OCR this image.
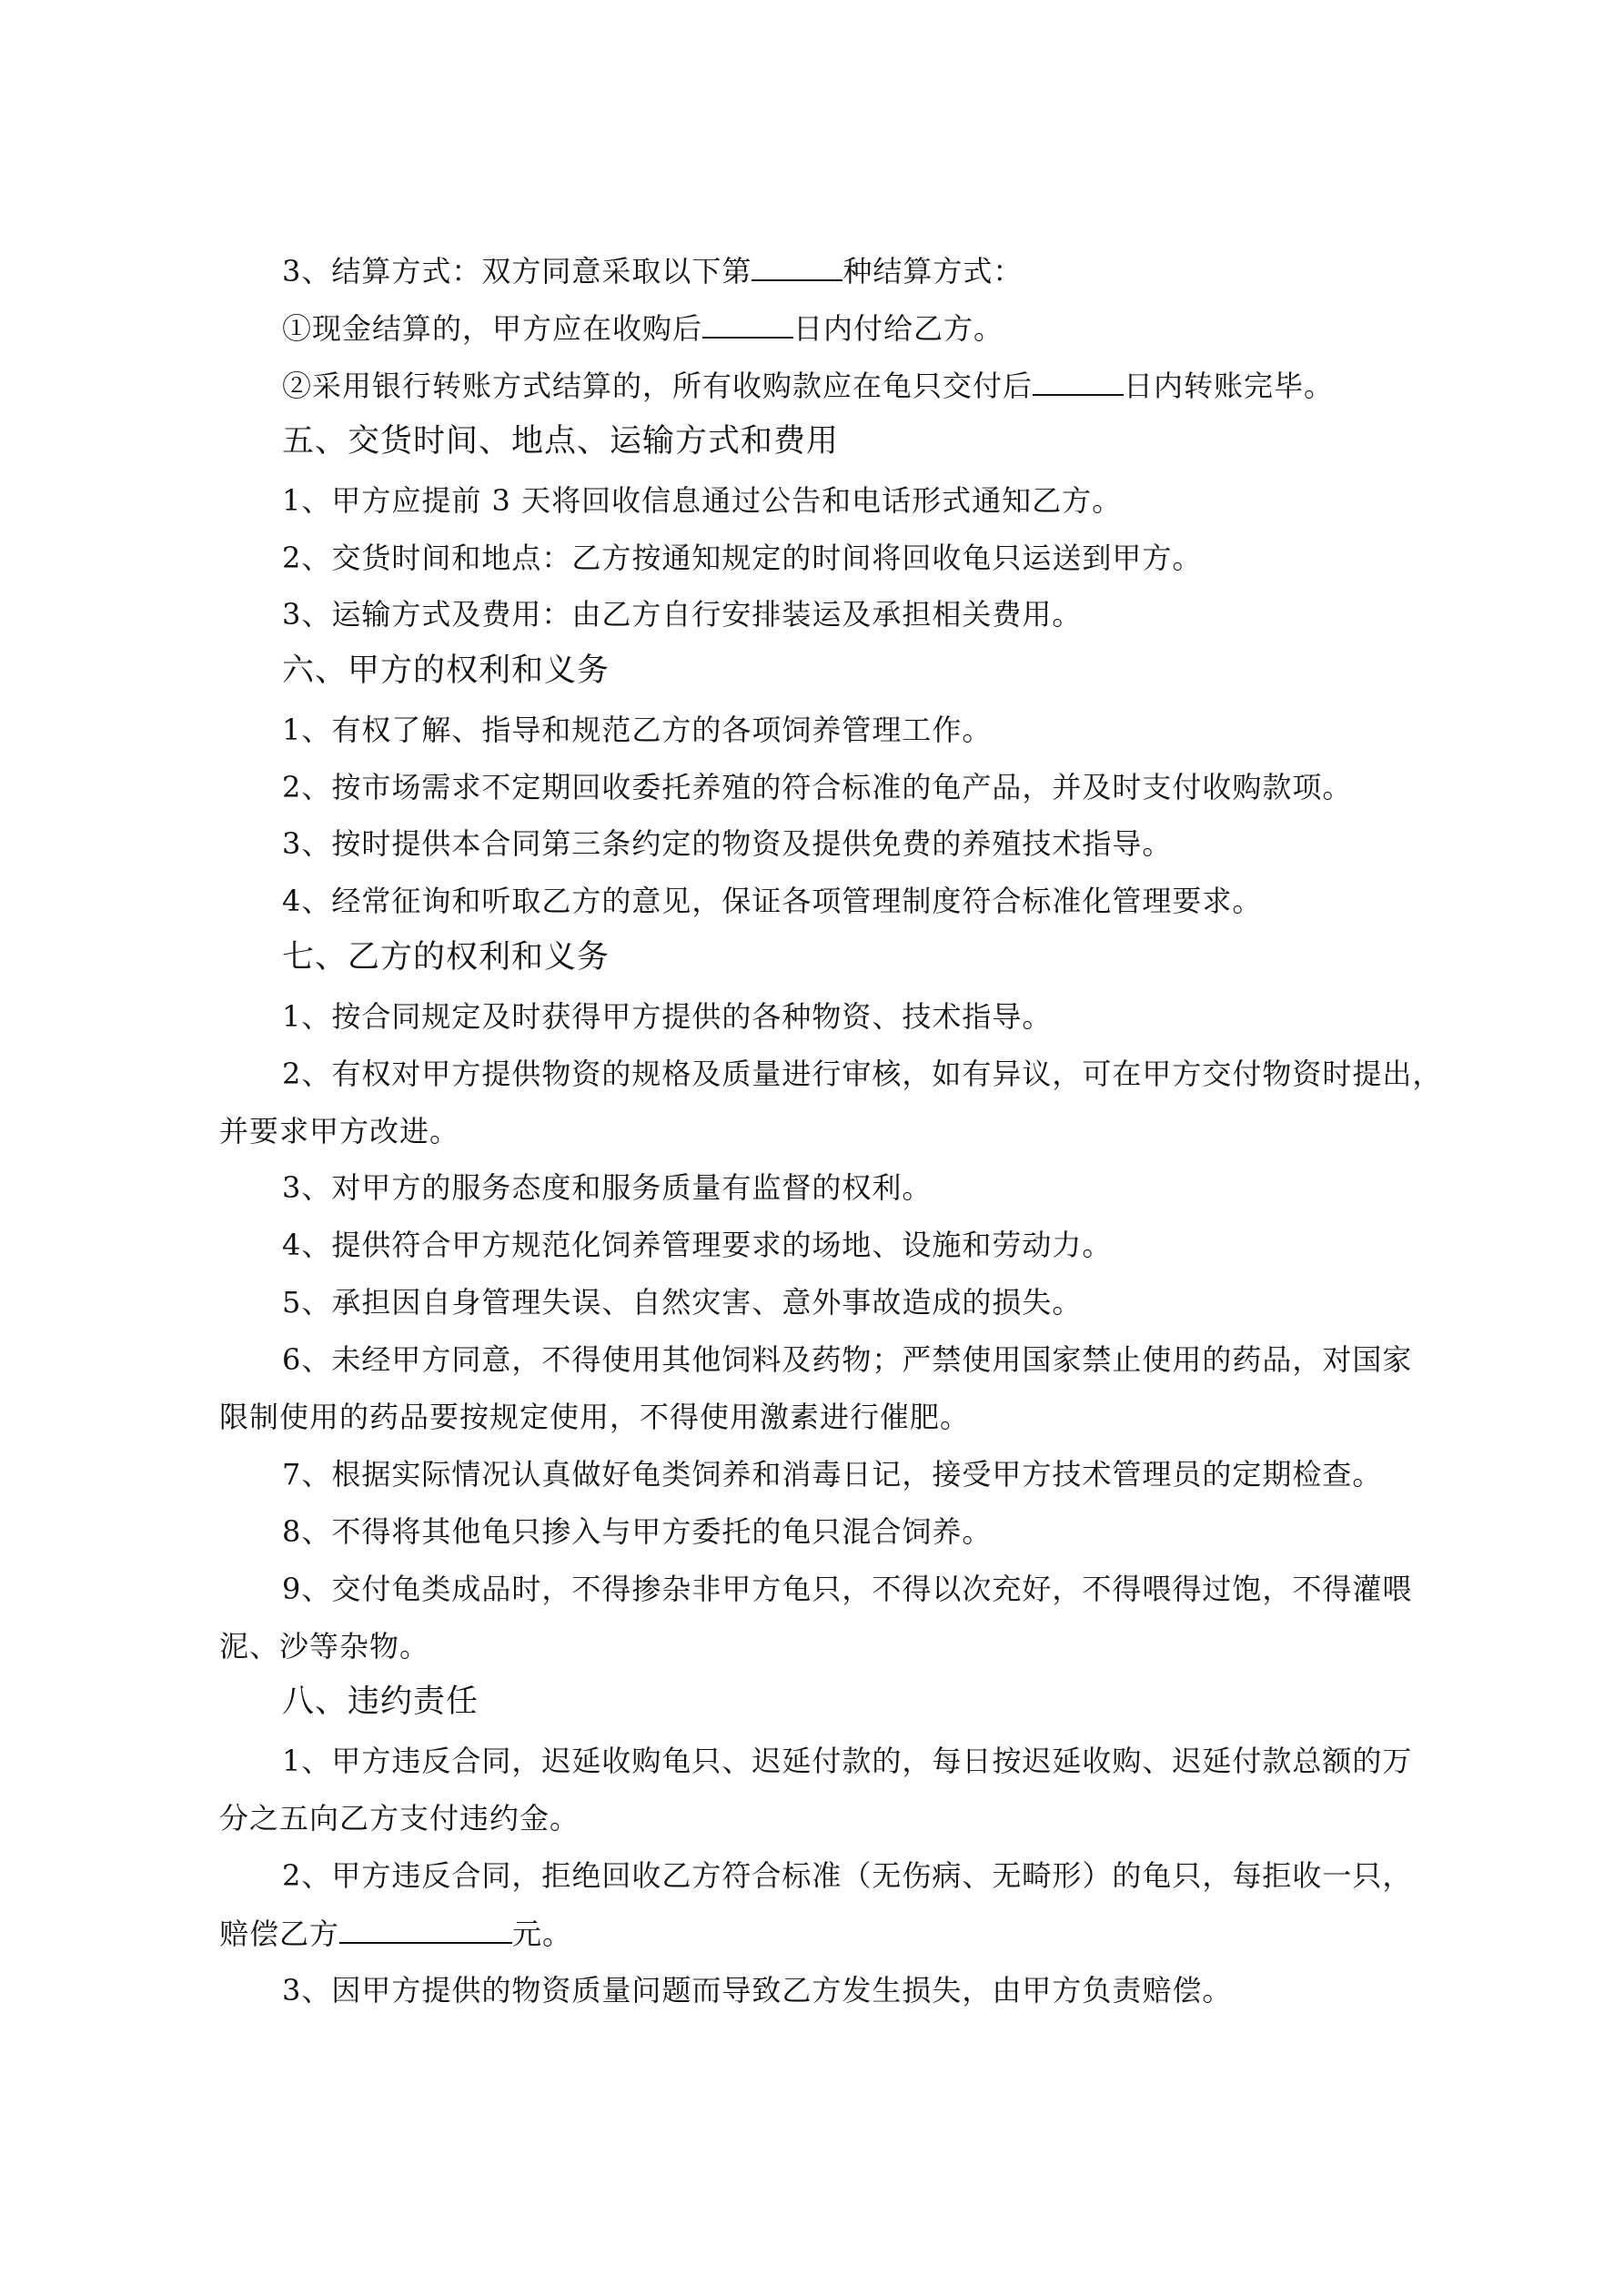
3、结算方式：双方同意采取以下第	种结算方式：
①现金结算的，甲方应在收购后	日内付给乙方。
②采用银行转账方式结算的，所有收购款应在龟只交付后	日内转账完毕。
五、交货时间、地点、运输方式和费用
1、甲方应提前 3 天将回收信息通过公告和电话形式通知乙方。
2、交货时间和地点：乙方按通知规定的时间将回收龟只运送到甲方。
3、运输方式及费用：由乙方自行安排装运及承担相关费用。
六、甲方的权利和义务
1、有权了解、指导和规范乙方的各项饲养管理工作。
2、按市场需求不定期回收委托养殖的符合标准的龟产品，并及时支付收购款项。
3、按时提供本合同第三条约定的物资及提供免费的养殖技术指导。
4、经常征询和听取乙方的意见，保证各项管理制度符合标准化管理要求。
七、乙方的权利和义务
1、按合同规定及时获得甲方提供的各种物资、技术指导。
2、有权对甲方提供物资的规格及质量进行审核，如有异议，可在甲方交付物资时提出，
并要求甲方改进。
3、对甲方的服务态度和服务质量有监督的权利。
4、提供符合甲方规范化饲养管理要求的场地、设施和劳动力。
5、承担因自身管理失误、自然灾害、意外事故造成的损失。
6、未经甲方同意，不得使用其他饲料及药物；严禁使用国家禁止使用的药品，对国家
限制使用的药品要按规定使用，不得使用激素进行催肥。
7、根据实际情况认真做好龟类饲养和消毒日记，接受甲方技术管理员的定期检查。
8、不得将其他龟只掺入与甲方委托的龟只混合饲养。
9、交付龟类成品时，不得掺杂非甲方龟只，不得以次充好，不得喂得过饱，不得灌喂
泥、沙等杂物。
八、违约责任
1、甲方违反合同，迟延收购龟只、迟延付款的，每日按迟延收购、迟延付款总额的万
分之五向乙方支付违约金。
2、甲方违反合同，拒绝回收乙方符合标准（无伤病、无畸形）的龟只，每拒收一只，
赔偿乙方	元。
3、因甲方提供的物资质量问题而导致乙方发生损失，由甲方负责赔偿。
